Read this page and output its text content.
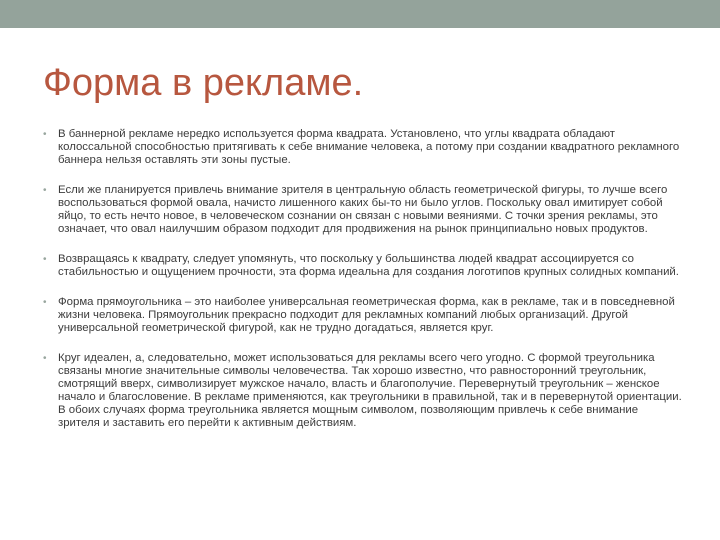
Форма в рекламе.
• В баннерной рекламе нередко используется форма квадрата. Установлено, что углы квадрата обладают колоссальной способностью притягивать к себе внимание человека, а потому при создании квадратного рекламного баннера нельзя оставлять эти зоны пустые.
• Если же планируется привлечь внимание зрителя в центральную область геометрической фигуры, то лучше всего воспользоваться формой овала, начисто лишенного каких бы-то ни было углов. Поскольку овал имитирует собой яйцо, то есть нечто новое, в человеческом сознании он связан с новыми веяниями. С точки зрения рекламы, это означает, что овал наилучшим образом подходит для продвижения на рынок принципиально новых продуктов.
• Возвращаясь к квадрату, следует упомянуть, что поскольку у большинства людей квадрат ассоциируется со стабильностью и ощущением прочности, эта форма идеальна для создания логотипов крупных солидных компаний.
• Форма прямоугольника – это наиболее универсальная геометрическая форма, как в рекламе, так и в повседневной жизни человека. Прямоугольник прекрасно подходит для рекламных компаний любых организаций. Другой универсальной геометрической фигурой, как не трудно догадаться, является круг.
• Круг идеален, а, следовательно, может использоваться для рекламы всего чего угодно. С формой треугольника связаны многие значительные символы человечества. Так хорошо известно, что равносторонний треугольник, смотрящий вверх, символизирует мужское начало, власть и благополучие. Перевернутый треугольник – женское начало и благословение. В рекламе применяются, как треугольники в правильной, так и в перевернутой ориентации. В обоих случаях форма треугольника является мощным символом, позволяющим привлечь к себе внимание зрителя и заставить его перейти к активным действиям.
